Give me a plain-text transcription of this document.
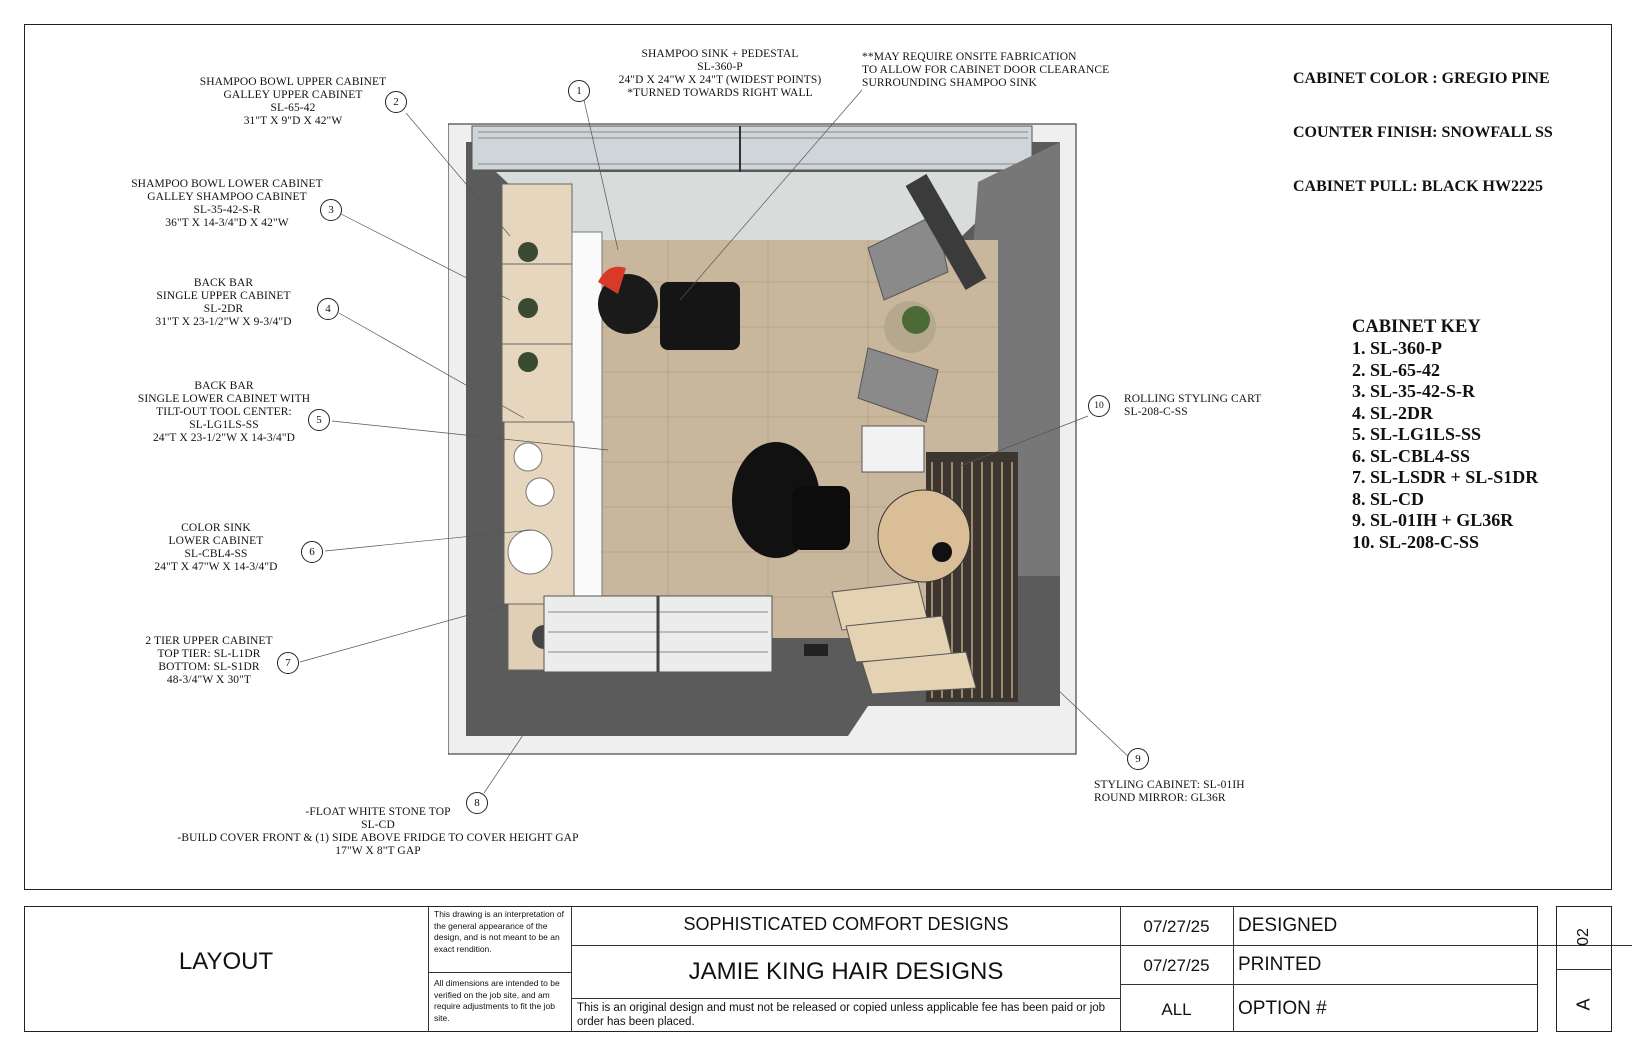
1
2
3
4
5
6
7
8
9
10
SHAMPOO SINK + PEDESTAL
SL-360-P
24"D X 24"W X 24"T (WIDEST POINTS)
*TURNED TOWARDS RIGHT WALL
**MAY REQUIRE ONSITE FABRICATION
TO ALLOW FOR CABINET DOOR CLEARANCE
SURROUNDING SHAMPOO SINK
SHAMPOO BOWL UPPER CABINET
GALLEY UPPER CABINET
SL-65-42
31"T X 9"D X 42"W
SHAMPOO BOWL LOWER CABINET
GALLEY SHAMPOO CABINET
SL-35-42-S-R
36"T X 14-3/4"D X 42"W
BACK BAR
SINGLE UPPER CABINET
SL-2DR
31"T X 23-1/2"W X 9-3/4"D
BACK BAR
SINGLE LOWER CABINET WITH
TILT-OUT TOOL CENTER:
SL-LG1LS-SS
24"T X 23-1/2"W X 14-3/4"D
COLOR SINK
LOWER CABINET
SL-CBL4-SS
24"T X 47"W X 14-3/4"D
2 TIER UPPER CABINET
TOP TIER: SL-L1DR
BOTTOM: SL-S1DR
48-3/4"W X 30"T
-FLOAT WHITE STONE TOP
SL-CD
-BUILD COVER FRONT & (1) SIDE ABOVE FRIDGE TO COVER HEIGHT GAP
17"W X 8"T GAP
STYLING CABINET: SL-01IH
ROUND MIRROR: GL36R
ROLLING STYLING CART
SL-208-C-SS

CABINET COLOR : GREGIO PINE

COUNTER FINISH: SNOWFALL SS

CABINET PULL: BLACK HW2225

CABINET KEY
1. SL-360-P
2. SL-65-42
3. SL-35-42-S-R
4. SL-2DR
5. SL-LG1LS-SS
6. SL-CBL4-SS
7. SL-LSDR + SL-S1DR
8. SL-CD
9. SL-01IH + GL36R
10. SL-208-C-SS
LAYOUT
This drawing is an interpretation of the general appearance of the design, and is not meant to be an exact rendition.
All dimensions are intended to be verified on the job site, and am require adjustments to fit the job site.
SOPHISTICATED COMFORT DESIGNS
JAMIE KING HAIR DESIGNS
This is an original design and must not be released or copied unless applicable fee has been paid or job order has been placed.
07/27/25	DESIGNED
07/27/25	PRINTED
ALL	OPTION #
02
A
